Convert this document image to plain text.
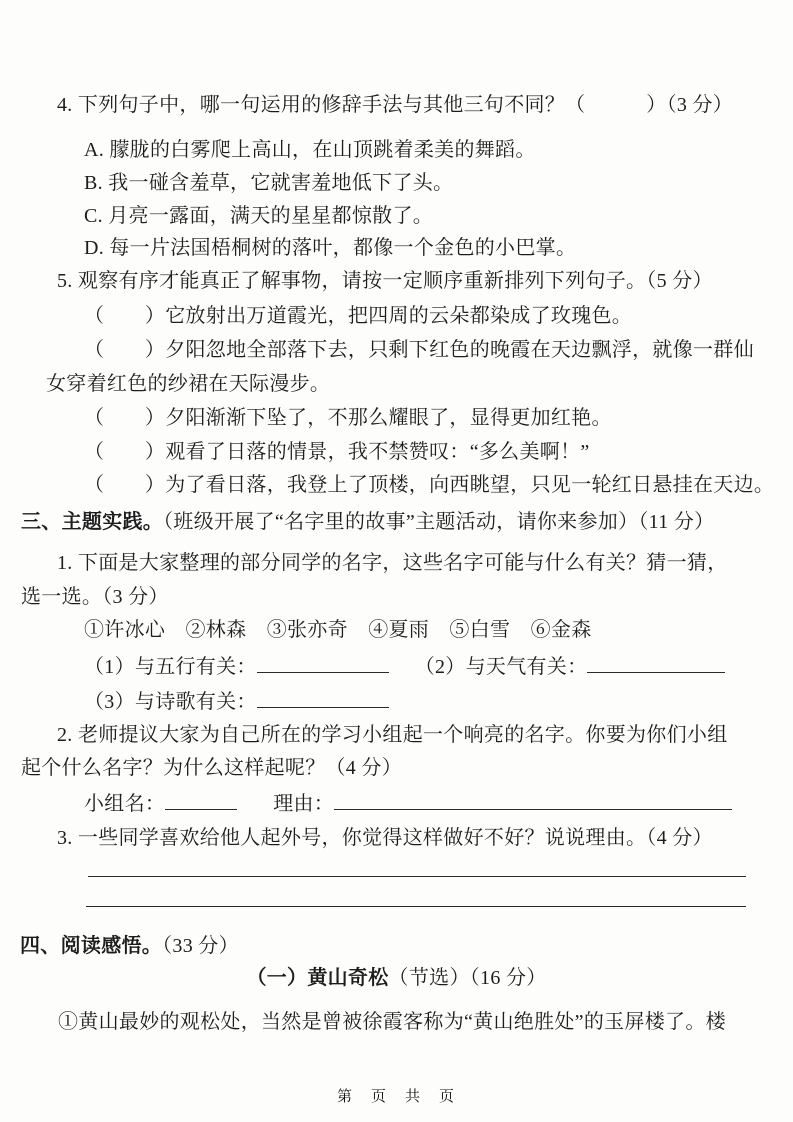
4. 下列句子中，哪一句运用的修辞手法与其他三句不同？（　　　）（3 分）
A. 朦胧的白雾爬上高山，在山顶跳着柔美的舞蹈。
B. 我一碰含羞草，它就害羞地低下了头。
C. 月亮一露面，满天的星星都惊散了。
D. 每一片法国梧桐树的落叶，都像一个金色的小巴掌。
5. 观察有序才能真正了解事物，请按一定顺序重新排列下列句子。（5 分）
（　　）它放射出万道霞光，把四周的云朵都染成了玫瑰色。
（　　）夕阳忽地全部落下去，只剩下红色的晚霞在天边飘浮，就像一群仙
女穿着红色的纱裙在天际漫步。
（　　）夕阳渐渐下坠了，不那么耀眼了，显得更加红艳。
（　　）观看了日落的情景，我不禁赞叹：“多么美啊！”
（　　）为了看日落，我登上了顶楼，向西眺望，只见一轮红日悬挂在天边。
三、主题实践。（班级开展了“名字里的故事”主题活动，请你来参加）（11 分）
1. 下面是大家整理的部分同学的名字，这些名字可能与什么有关？猜一猜，
选一选。（3 分）
①许冰心　②林森　③张亦奇　④夏雨　⑤白雪　⑥金森
（1）与五行有关：	（2）与天气有关：
（3）与诗歌有关：
2. 老师提议大家为自己所在的学习小组起一个响亮的名字。你要为你们小组
起个什么名字？为什么这样起呢？（4 分）
小组名：	理由：
3. 一些同学喜欢给他人起外号，你觉得这样做好不好？说说理由。（4 分）
四、阅读感悟。（33 分）
（一）黄山奇松（节选）（16 分）
①黄山最妙的观松处，当然是曾被徐霞客称为“黄山绝胜处”的玉屏楼了。楼
第　页　共　页
